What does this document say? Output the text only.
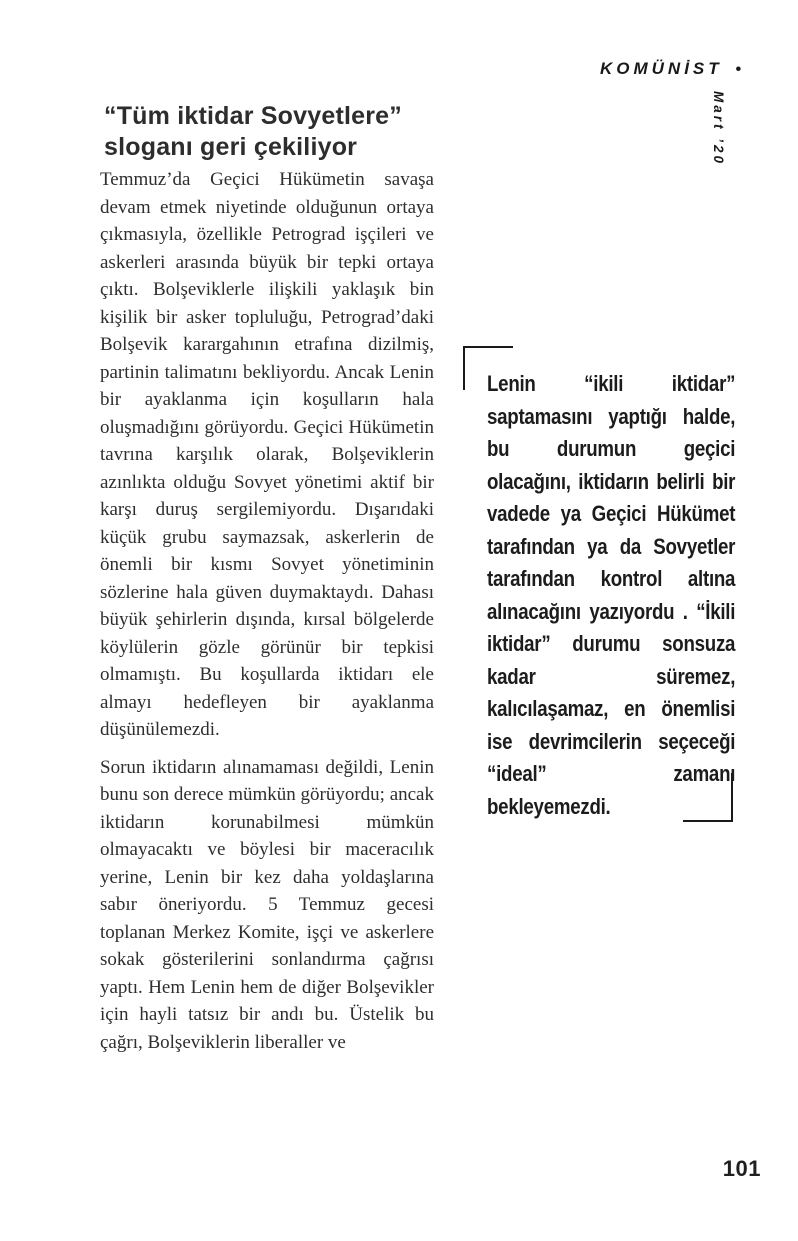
KOMÜNİST •
Mart ’20
“Tüm iktidar Sovyetlere”
sloganı geri çekiliyor

Temmuz’da Geçici Hükümetin savaşa devam etmek niyetinde olduğunun ortaya çıkmasıyla, özellikle Petrograd işçileri ve askerleri arasında büyük bir tepki ortaya çıktı. Bolşeviklerle ilişkili yaklaşık bin kişilik bir asker topluluğu, Petrograd’daki Bolşevik karargahının etrafına dizilmiş, partinin talimatını bekliyordu. Ancak Lenin bir ayaklanma için koşulların hala oluşmadığını görüyordu. Geçici Hükümetin tavrına karşılık olarak, Bolşeviklerin azınlıkta olduğu Sovyet yönetimi aktif bir karşı duruş sergilemiyordu. Dışarıdaki küçük grubu saymazsak, askerlerin de önemli bir kısmı Sovyet yönetiminin sözlerine hala güven duymaktaydı. Dahası büyük şehirlerin dışında, kırsal bölgelerde köylülerin gözle görünür bir tepkisi olmamıştı. Bu koşullarda iktidarı ele almayı hedefleyen bir ayaklanma düşünülemezdi.

Sorun iktidarın alınamaması değildi, Lenin bunu son derece mümkün görüyordu; ancak iktidarın korunabilmesi mümkün olmayacaktı ve böylesi bir maceracılık yerine, Lenin bir kez daha yoldaşlarına sabır öneriyordu. 5 Temmuz gecesi toplanan Merkez Komite, işçi ve askerlere sokak gösterilerini sonlandırma çağrısı yaptı. Hem Lenin hem de diğer Bolşevikler için hayli tatsız bir andı bu. Üstelik bu çağrı, Bolşeviklerin liberaller ve

Lenin “ikili iktidar” saptamasını yaptığı halde, bu durumun geçici olacağını, iktidarın belirli bir vadede ya Geçici Hükümet tarafından ya da Sovyetler tarafından kontrol altına alınacağını yazıyordu . “İkili iktidar” durumu sonsuza kadar süremez, kalıcılaşamaz, en önemlisi ise devrimcilerin seçeceği “ideal” zamanı bekleyemezdi.
101
